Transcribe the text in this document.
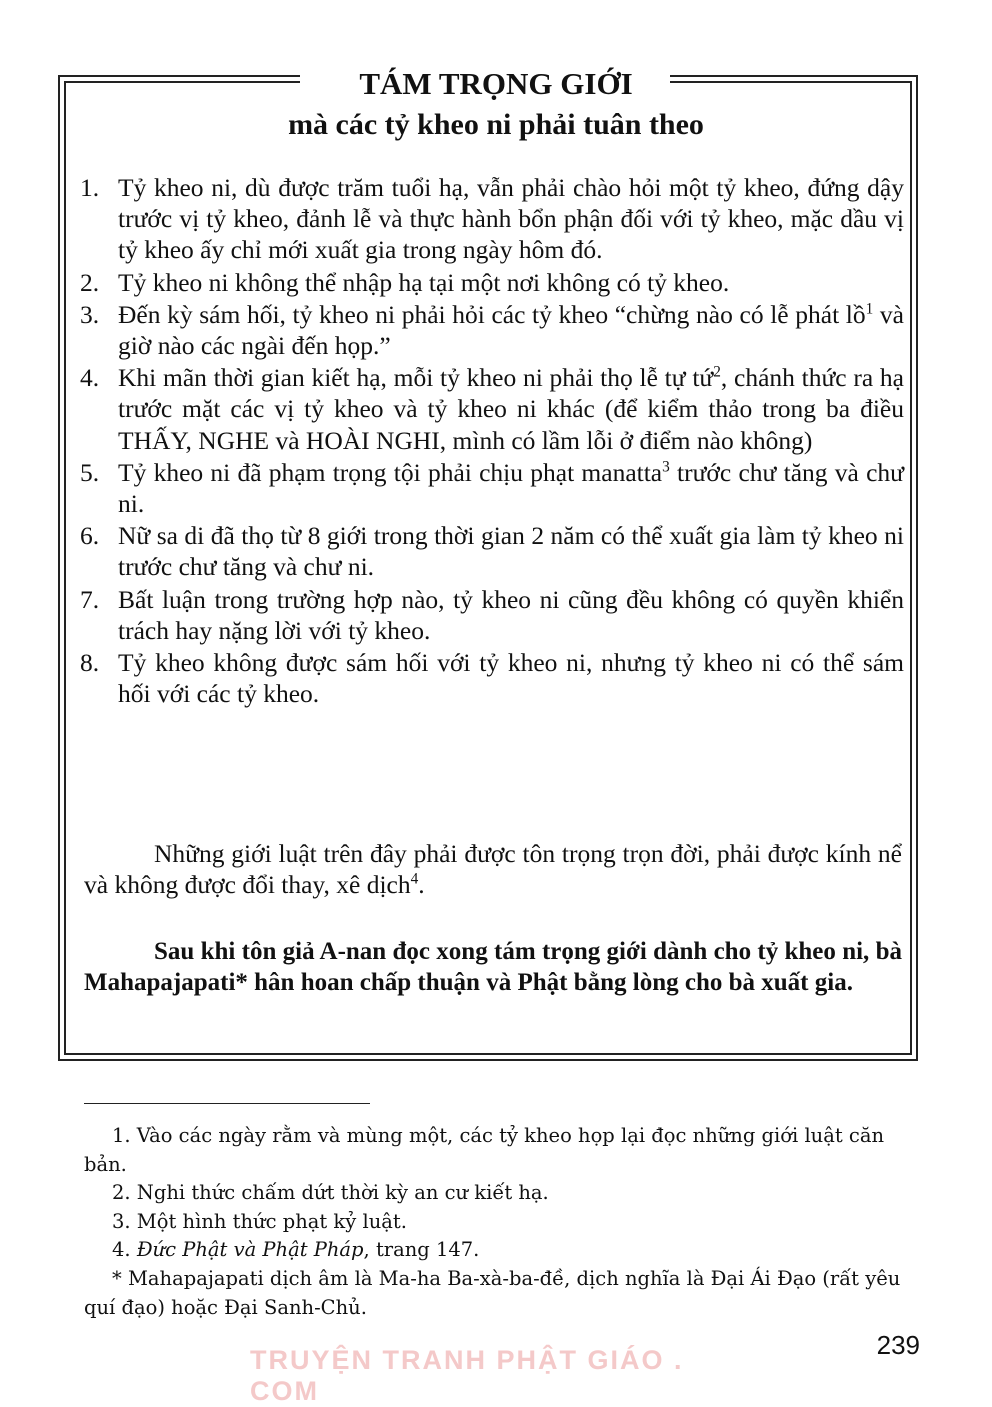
TÁM TRỌNG GIỚI
mà các tỷ kheo ni phải tuân theo
1. Tỷ kheo ni, dù được trăm tuổi hạ, vẫn phải chào hỏi một tỷ kheo, đứng dậy trước vị tỷ kheo, đảnh lễ và thực hành bổn phận đối với tỷ kheo, mặc dầu vị tỷ kheo ấy chỉ mới xuất gia trong ngày hôm đó.
2. Tỷ kheo ni không thể nhập hạ tại một nơi không có tỷ kheo.
3. Đến kỳ sám hối, tỷ kheo ni phải hỏi các tỷ kheo “chừng nào có lễ phát lồ$^1$ và giờ nào các ngài đến họp.”
4. Khi mãn thời gian kiết hạ, mỗi tỷ kheo ni phải thọ lễ tự tứ$^2$, chánh thức ra hạ trước mặt các vị tỷ kheo và tỷ kheo ni khác (để kiểm thảo trong ba điều THẤY, NGHE và HOÀI NGHI, mình có lầm lỗi ở điểm nào không)
5. Tỷ kheo ni đã phạm trọng tội phải chịu phạt manatta$^3$ trước chư tăng và chư ni.
6. Nữ sa di đã thọ từ 8 giới trong thời gian 2 năm có thể xuất gia làm tỷ kheo ni trước chư tăng và chư ni.
7. Bất luận trong trường hợp nào, tỷ kheo ni cũng đều không có quyền khiển trách hay nặng lời với tỷ kheo.
8. Tỷ kheo không được sám hối với tỷ kheo ni, nhưng tỷ kheo ni có thể sám hối với các tỷ kheo.

Những giới luật trên đây phải được tôn trọng trọn đời, phải được kính nể và không được đổi thay, xê dịch$^4$.

Sau khi tôn giả A-nan đọc xong tám trọng giới dành cho tỷ kheo ni, bà Mahapajapati* hân hoan chấp thuận và Phật bằng lòng cho bà xuất gia.

1. Vào các ngày rằm và mùng một, các tỷ kheo họp lại đọc những giới luật căn bản.

2. Nghi thức chấm dứt thời kỳ an cư kiết hạ.

3. Một hình thức phạt kỷ luật.

4. Đức Phật và Phật Pháp, trang 147.

* Mahapajapati dịch âm là Ma-ha Ba-xà-ba-đề, dịch nghĩa là Đại Ái Đạo (rất yêu quí đạo) hoặc Đại Sanh-Chủ.

TRUYỆN TRANH PHẬT GIÁO . COM
239
